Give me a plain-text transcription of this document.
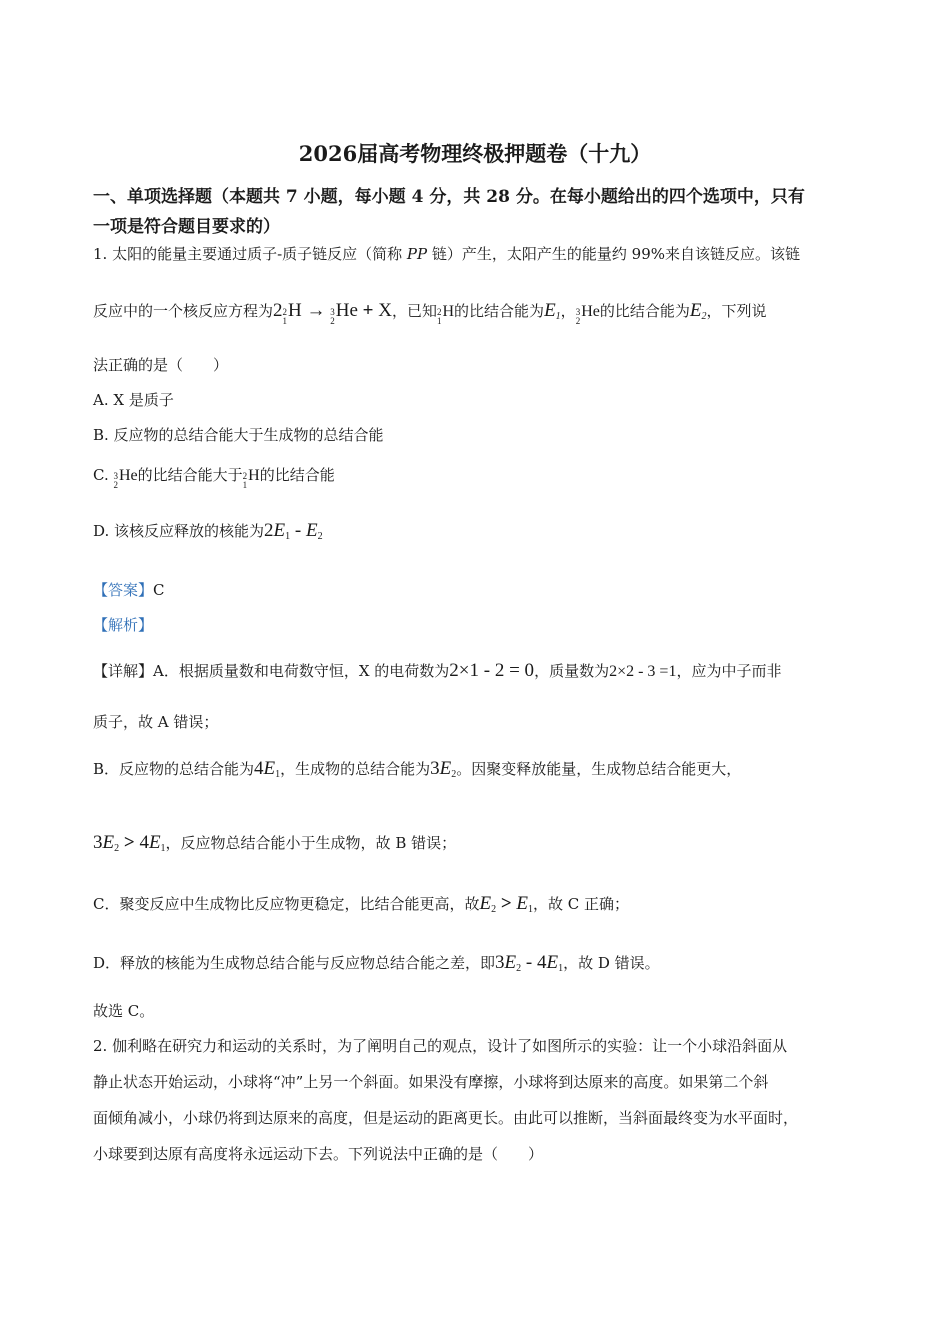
2026届高考物理终极押题卷（十九）
一、单项选择题（本题共 7 小题，每小题 4 分，共 28 分。在每小题给出的四个选项中，只有
一项是符合题目要求的）
1. 太阳的能量主要通过质子-质子链反应（简称 PP 链）产生，太阳产生的能量约 99%来自该链反应。该链
反应中的一个核反应方程为2 2
1 H → 3
2 He + X，已知 2
1
H的比结合能为$E_1$， 3
2
He的比结合能为$E_2$，下列说
法正确的是（　　）
A. X 是质子
B. 反应物的总结合能大于生成物的总结合能
C. 3
2
He的比结合能大于 2
1
H的比结合能
D. 该核反应释放的核能为$2E_1 - E_2$
【答案】C
【解析】
【详解】A．根据质量数和电荷数守恒，X 的电荷数为2×1 - 2 = 0，质量数为2×2 - 3 =1，应为中子而非
质子，故 A 错误；
B．反应物的总结合能为$4E_1$，生成物的总结合能为$3E_2$。因聚变释放能量，生成物总结合能更大，
$3E_2 > 4E_1$，反应物总结合能小于生成物，故 B 错误；
C．聚变反应中生成物比反应物更稳定，比结合能更高，故$E_2 > E_1$，故 C 正确；
D．释放的核能为生成物总结合能与反应物总结合能之差，即$3E_2 - 4E_1$，故 D 错误。
故选 C。
2. 伽利略在研究力和运动的关系时，为了阐明自己的观点，设计了如图所示的实验：让一个小球沿斜面从
静止状态开始运动，小球将“冲”上另一个斜面。如果没有摩擦，小球将到达原来的高度。如果第二个斜
面倾角减小，小球仍将到达原来的高度，但是运动的距离更长。由此可以推断，当斜面最终变为水平面时，
小球要到达原有高度将永远运动下去。下列说法中正确的是（　　）
